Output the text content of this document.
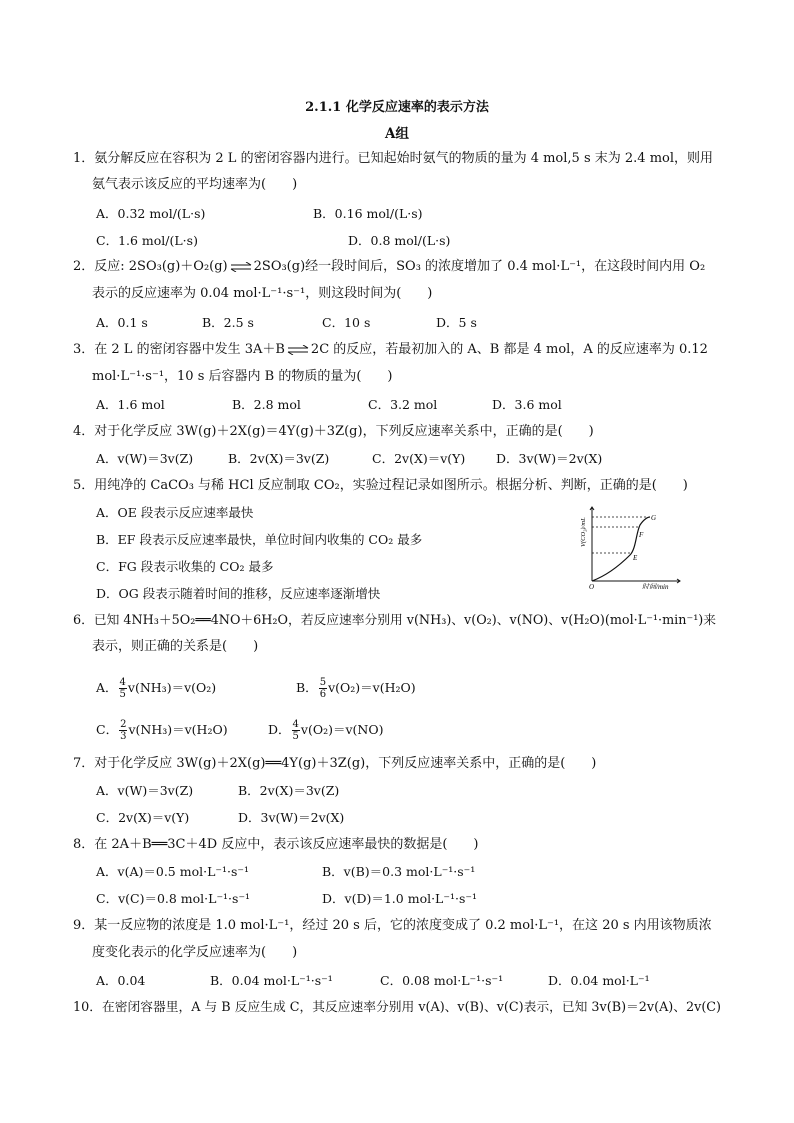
2.1.1 化学反应速率的表示方法
A组
1．氨分解反应在容积为 2 L 的密闭容器内进行。已知起始时氨气的物质的量为 4 mol,5 s 末为 2.4 mol，则用
氨气表示该反应的平均速率为(　　)
A．0.32 mol/(L·s)	B．0.16 mol/(L·s)
C．1.6 mol/(L·s)	D．0.8 mol/(L·s)
2．反应: 2SO₃(g)＋O₂(g) ⇌ 2SO₃(g)经一段时间后，SO₃ 的浓度增加了 0.4 mol·L⁻¹，在这段时间内用 O₂
表示的反应速率为 0.04 mol·L⁻¹·s⁻¹，则这段时间为(　　)
A．0.1 s	B．2.5 s	C．10 s	D．5 s
3．在 2 L 的密闭容器中发生 3A＋B ⇌ 2C 的反应，若最初加入的 A、B 都是 4 mol，A 的反应速率为 0.12
mol·L⁻¹·s⁻¹，10 s 后容器内 B 的物质的量为(　　)
A．1.6 mol	B．2.8 mol	C．3.2 mol	D．3.6 mol
4．对于化学反应 3W(g)＋2X(g)＝4Y(g)＋3Z(g)，下列反应速率关系中，正确的是(　　)
A．v(W)＝3v(Z)	B．2v(X)＝3v(Z)	C．2v(X)＝v(Y) D．3v(W)＝2v(X)
5．用纯净的 CaCO₃ 与稀 HCl 反应制取 CO₂，实验过程记录如图所示。根据分析、判断，正确的是(　　)
A．OE 段表示反应速率最快
B．EF 段表示反应速率最快，单位时间内收集的 CO₂ 最多
C．FG 段表示收集的 CO₂ 最多
D．OG 段表示随着时间的推移，反应速率逐渐增快
V(CO₂)/mL
时间/min
O
E
F
G
6．已知 4NH₃＋5O₂══4NO＋6H₂O，若反应速率分别用 v(NH₃)、v(O₂)、v(NO)、v(H₂O)(mol·L⁻¹·min⁻¹)来
表示，则正确的关系是(　　)
A． $\frac{4}{5} v(NH_3)=v(O_2)$	B． $\frac{5}{6} v(O_2)=v(H_2O)$
C． $\frac{2}{3} v(NH_3)=v(H_2O)$	D． $\frac{4}{5} v(O_2)=v(NO)$
7．对于化学反应 3W(g)＋2X(g)══4Y(g)＋3Z(g)，下列反应速率关系中，正确的是(　　)
A．v(W)＝3v(Z)	B．2v(X)＝3v(Z)
C．2v(X)＝v(Y)	D．3v(W)＝2v(X)
8．在 2A＋B══3C＋4D 反应中，表示该反应速率最快的数据是(　　)
A．v(A)＝0.5 mol·L⁻¹·s⁻¹	B．v(B)＝0.3 mol·L⁻¹·s⁻¹
C．v(C)＝0.8 mol·L⁻¹·s⁻¹	D．v(D)＝1.0 mol·L⁻¹·s⁻¹
9．某一反应物的浓度是 1.0 mol·L⁻¹，经过 20 s 后，它的浓度变成了 0.2 mol·L⁻¹，在这 20 s 内用该物质浓
度变化表示的化学反应速率为(　　)
A．0.04	B．0.04 mol·L⁻¹·s⁻¹	C．0.08 mol·L⁻¹·s⁻¹	D．0.04 mol·L⁻¹
10．在密闭容器里，A 与 B 反应生成 C，其反应速率分别用 v(A)、v(B)、v(C)表示，已知 3v(B)＝2v(A)、2v(C)
